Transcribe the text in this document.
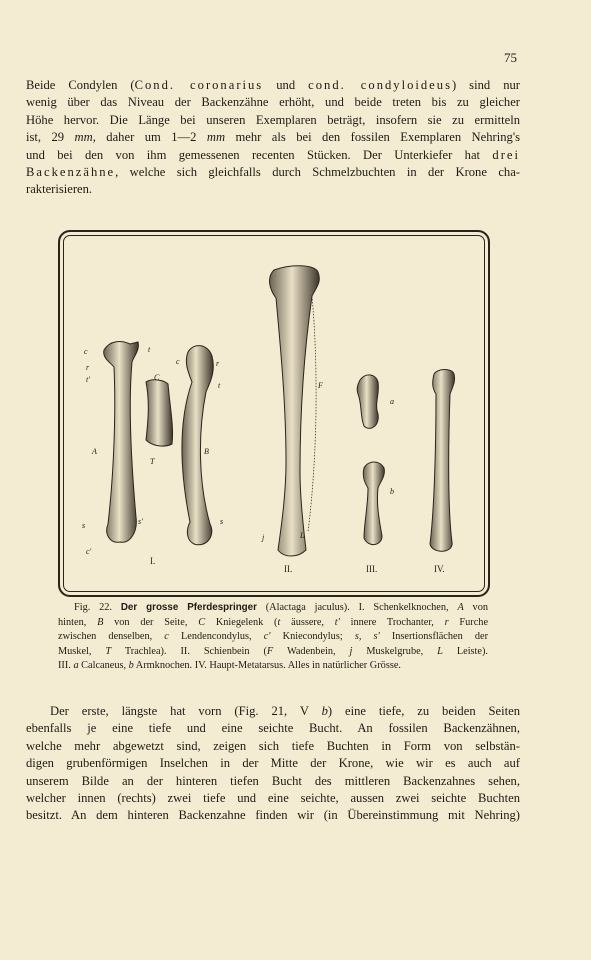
75

Beide Condylen (Cond. coronarius und cond. condyloideus) sind nur
wenig über das Niveau der Backenzähne erhöht, und beide treten bis zu gleicher
Höhe hervor. Die Länge bei unseren Exemplaren beträgt, insofern sie zu ermitteln
ist, 29 mm, daher um 1—2 mm mehr als bei den fossilen Exemplaren Nehring's
und bei den von ihm gemessenen recenten Stücken. Der Unterkiefer hat drei
Backenzähne, welche sich gleichfalls durch Schmelzbuchten in der Krone cha-
rakterisieren.

c
r
t'
t
A
s	s'
c'
C
T
c	r
t
B
s
F
j	L
a
b
I.
II.	III.	IV.

Fig. 22. Der grosse Pferdespringer (Alactaga jaculus). I. Schenkelknochen, A von
hinten, B von der Seite, C Kniegelenk (t äussere, t' innere Trochanter, r Furche
zwischen denselben, c Lendencondylus, c' Kniecondylus; s, s' Insertionsflächen der
Muskel, T Trachlea). II. Schienbein (F Wadenbein, j Muskelgrube, L Leiste).
III. a Calcaneus, b Armknochen. IV. Haupt-Metatarsus. Alles in natürlicher Grösse.

Der erste, längste hat vorn (Fig. 21, V b) eine tiefe, zu beiden Seiten
ebenfalls je eine tiefe und eine seichte Bucht. An fossilen Backenzähnen,
welche mehr abgewetzt sind, zeigen sich tiefe Buchten in Form von selbstän-
digen grubenförmigen Inselchen in der Mitte der Krone, wie wir es auch auf
unserem Bilde an der hinteren tiefen Bucht des mittleren Backenzahnes sehen,
welcher innen (rechts) zwei tiefe und eine seichte, aussen zwei seichte Buchten
besitzt. An dem hinteren Backenzahne finden wir (in Übereinstimmung mit Nehring)
